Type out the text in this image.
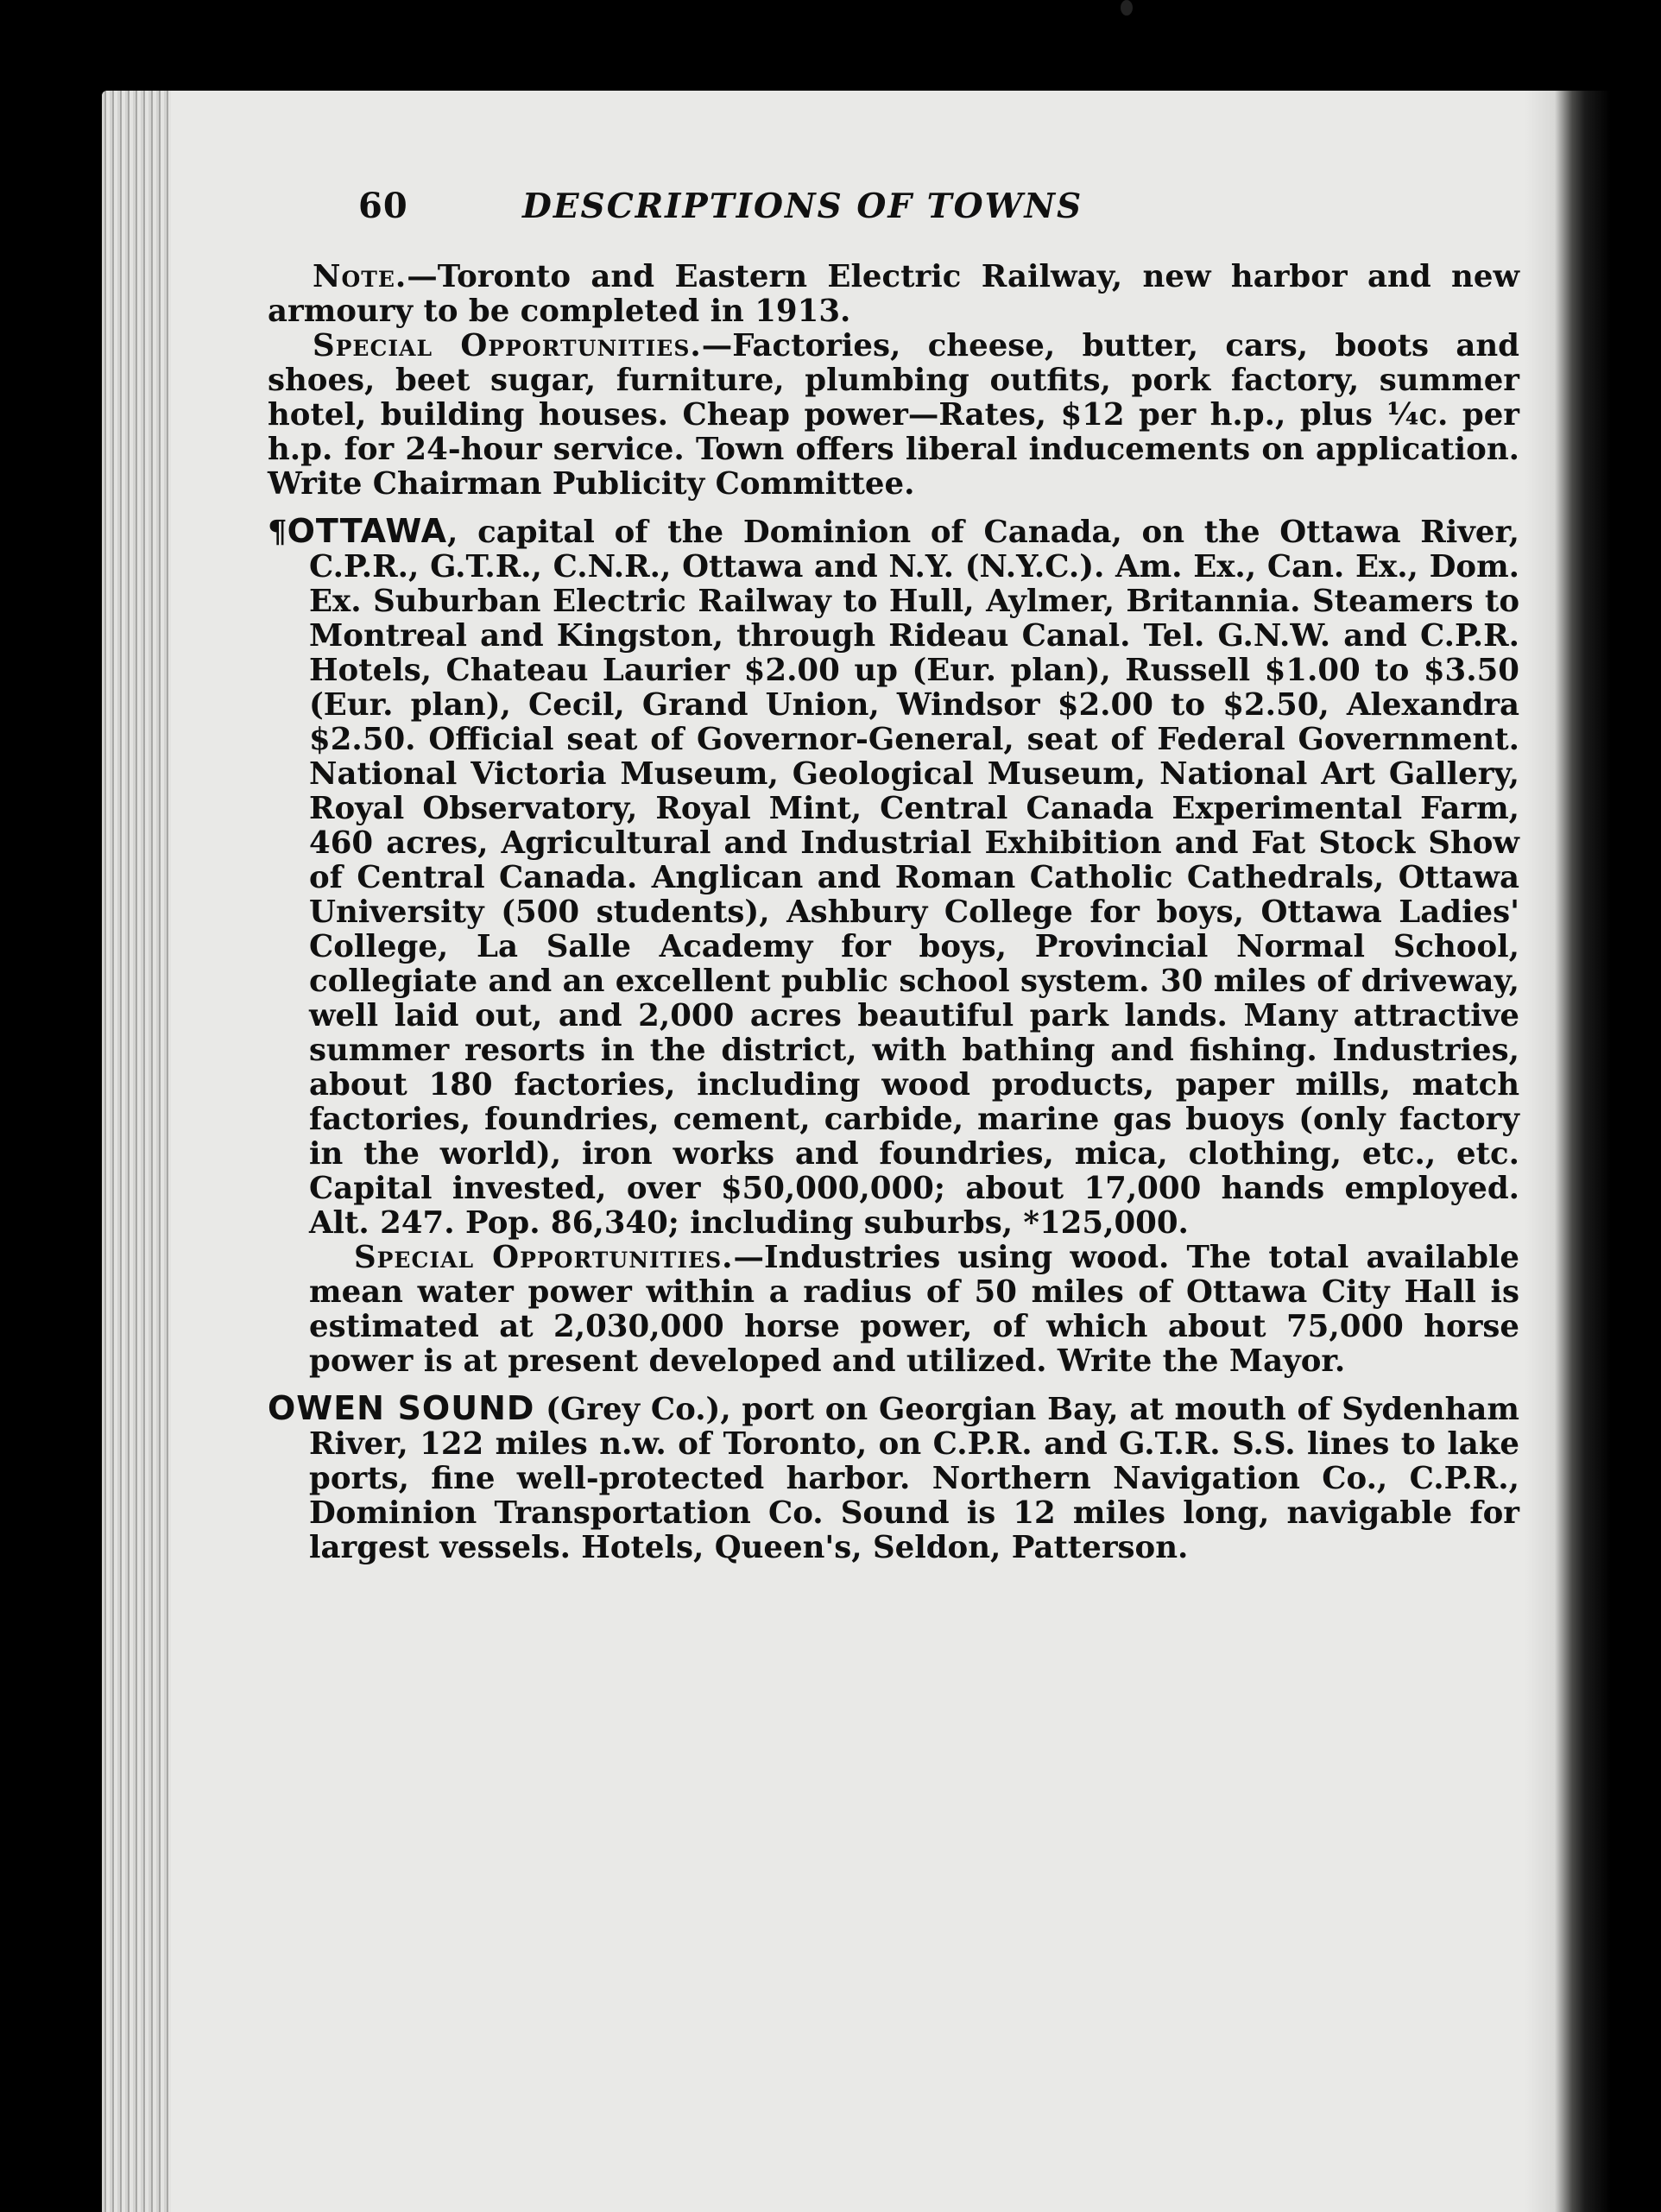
60	DESCRIPTIONS OF TOWNS

Note.—Toronto and Eastern Electric Railway, new harbor and new armoury to be completed in 1913.

Special Opportunities.—Factories, cheese, butter, cars, boots and shoes, beet sugar, furniture, plumbing outfits, pork factory, summer hotel, building houses. Cheap power—Rates, $12 per h.p., plus ¼c. per h.p. for 24-hour service. Town offers liberal inducements on application. Write Chairman Publicity Committee.

¶OTTAWA, capital of the Dominion of Canada, on the Ottawa River, C.P.R., G.T.R., C.N.R., Ottawa and N.Y. (N.Y.C.). Am. Ex., Can. Ex., Dom. Ex. Suburban Electric Railway to Hull, Aylmer, Britannia. Steamers to Montreal and Kingston, through Rideau Canal. Tel. G.N.W. and C.P.R. Hotels, Chateau Laurier $2.00 up (Eur. plan), Russell $1.00 to $3.50 (Eur. plan), Cecil, Grand Union, Windsor $2.00 to $2.50, Alexandra $2.50. Official seat of Governor-General, seat of Federal Government. National Victoria Museum, Geological Museum, National Art Gallery, Royal Observatory, Royal Mint, Central Canada Experimental Farm, 460 acres, Agricultural and Industrial Exhibition and Fat Stock Show of Central Canada. Anglican and Roman Catholic Cathedrals, Ottawa University (500 students), Ashbury College for boys, Ottawa Ladies' College, La Salle Academy for boys, Provincial Normal School, collegiate and an excellent public school system. 30 miles of driveway, well laid out, and 2,000 acres beautiful park lands. Many attractive summer resorts in the district, with bathing and fishing. Industries, about 180 factories, including wood products, paper mills, match factories, foundries, cement, carbide, marine gas buoys (only factory in the world), iron works and foundries, mica, clothing, etc., etc. Capital invested, over $50,000,000; about 17,000 hands employed. Alt. 247. Pop. 86,340; including suburbs, *125,000.

Special Opportunities.—Industries using wood. The total available mean water power within a radius of 50 miles of Ottawa City Hall is estimated at 2,030,000 horse power, of which about 75,000 horse power is at present developed and utilized. Write the Mayor.

OWEN SOUND (Grey Co.), port on Georgian Bay, at mouth of Sydenham River, 122 miles n.w. of Toronto, on C.P.R. and G.T.R. S.S. lines to lake ports, fine well-protected harbor. Northern Navigation Co., C.P.R., Dominion Transportation Co. Sound is 12 miles long, navigable for largest vessels. Hotels, Queen's, Seldon, Patterson.
